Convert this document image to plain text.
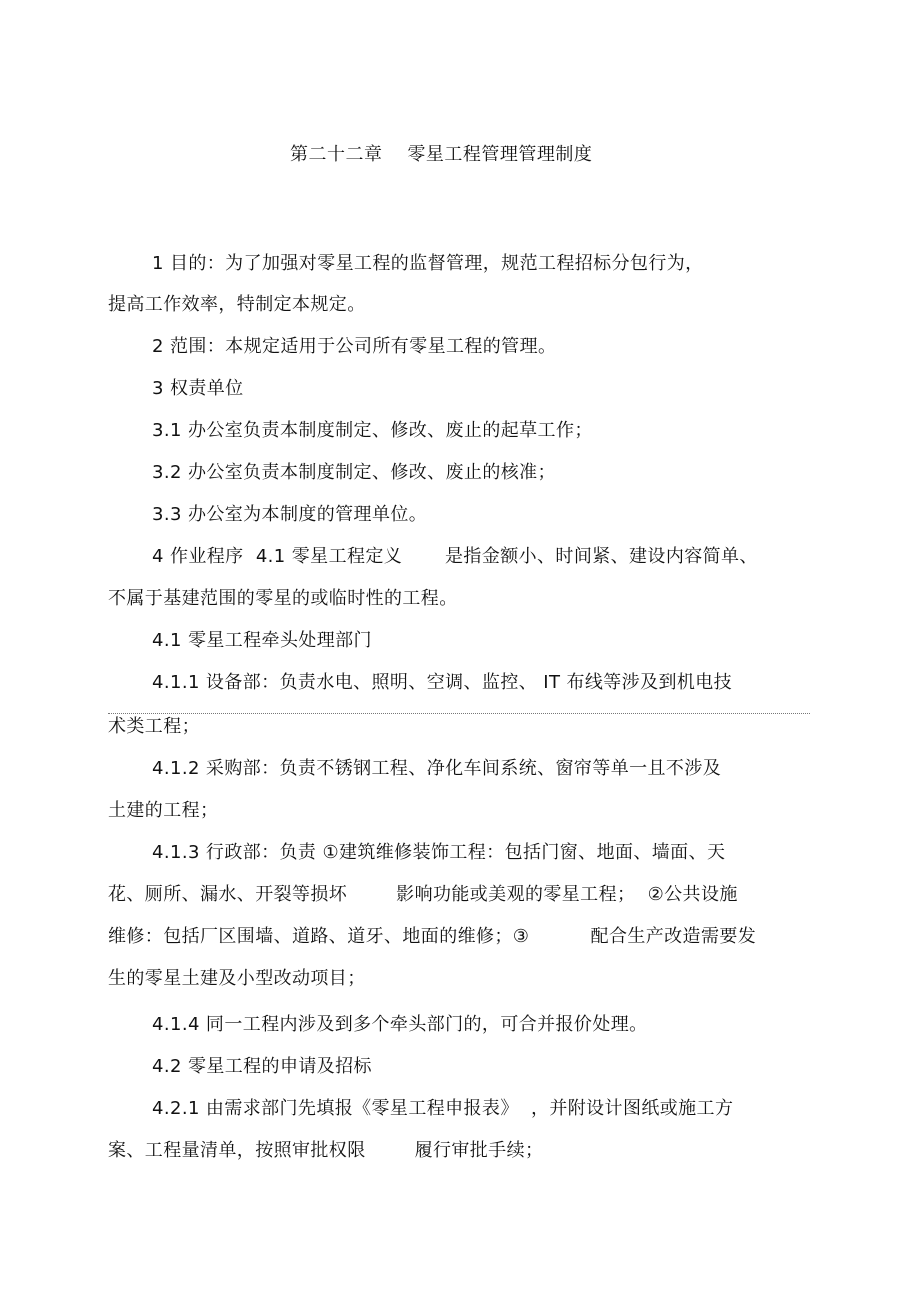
第二十二章    零星工程管理管理制度
1 目的：为了加强对零星工程的监督管理，规范工程招标分包行为，
提高工作效率，特制定本规定。
2 范围：本规定适用于公司所有零星工程的管理。
3 权责单位
3.1 办公室负责本制度制定、修改、废止的起草工作；
3.2 办公室负责本制度制定、修改、废止的核准；
3.3 办公室为本制度的管理单位。
4 作业程序  4.1 零星工程定义       是指金额小、时间紧、建设内容简单、
不属于基建范围的零星的或临时性的工程。
4.1 零星工程牵头处理部门
4.1.1 设备部：负责水电、照明、空调、监控、 IT 布线等涉及到机电技
术类工程；
4.1.2 采购部：负责不锈钢工程、净化车间系统、窗帘等单一且不涉及
土建的工程；
4.1.3 行政部：负责 ①建筑维修装饰工程：包括门窗、地面、墙面、天
花、厕所、漏水、开裂等损坏        影响功能或美观的零星工程；  ②公共设施
维修：包括厂区围墙、道路、道牙、地面的维修；③          配合生产改造需要发
生的零星土建及小型改动项目；
4.1.4 同一工程内涉及到多个牵头部门的，可合并报价处理。
4.2 零星工程的申请及招标
4.2.1 由需求部门先填报《零星工程申报表》  ，并附设计图纸或施工方
案、工程量清单，按照审批权限        履行审批手续；
